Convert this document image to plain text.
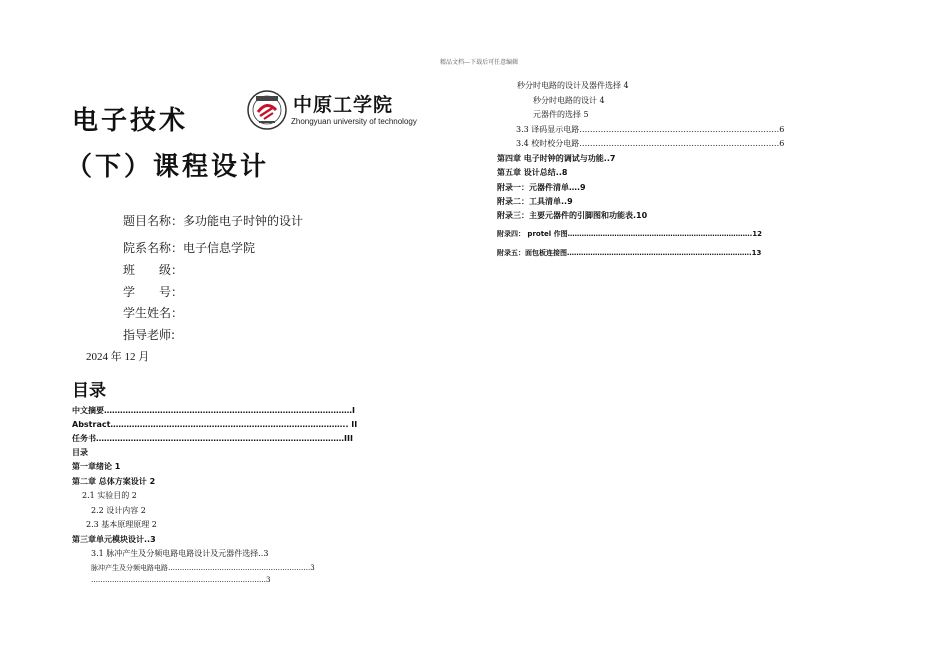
精品文档---下载后可任意编辑
电子技术
（下）课程设计
中原工学院
Zhongyuan university of technology
题目名称：多功能电子时钟的设计
院系名称：电子信息学院
班　　级：
学　　号：
学生姓名：
指导老师:
2024 年 12 月
目录
中文摘要…………………………………………………………………………………I
Abstract…………………………………………………………………………….. II
任务书…………………………………………………………………………………III
目录
第一章绪论 1
第二章 总体方案设计 2
2.1 实验目的 2
2.2 设计内容 2
2.3 基本原理原理 2
第三章单元模块设计..3
3.1 脉冲产生及分频电路电路设计及元器件选择..3
脉冲产生及分频电路电路…………………………………………………….3
…………………………………………………………………3
秒分时电路的设计及器件选择 4
秒分时电路的设计 4
元器件的选择 5
3.3 译码显示电路…………………………………………………………………6
3.4 校时校分电路…………………………………………………………………6
第四章 电子时钟的调试与功能..7
第五章 设计总结..8
附录一：元器件清单….9
附录二：工具清单..9
附录三：主要元器件的引脚图和功能表.10
附录四： protel 作图…………………………………………………………………….12
附录五：面包板连接图…………………………………………………………………….13
